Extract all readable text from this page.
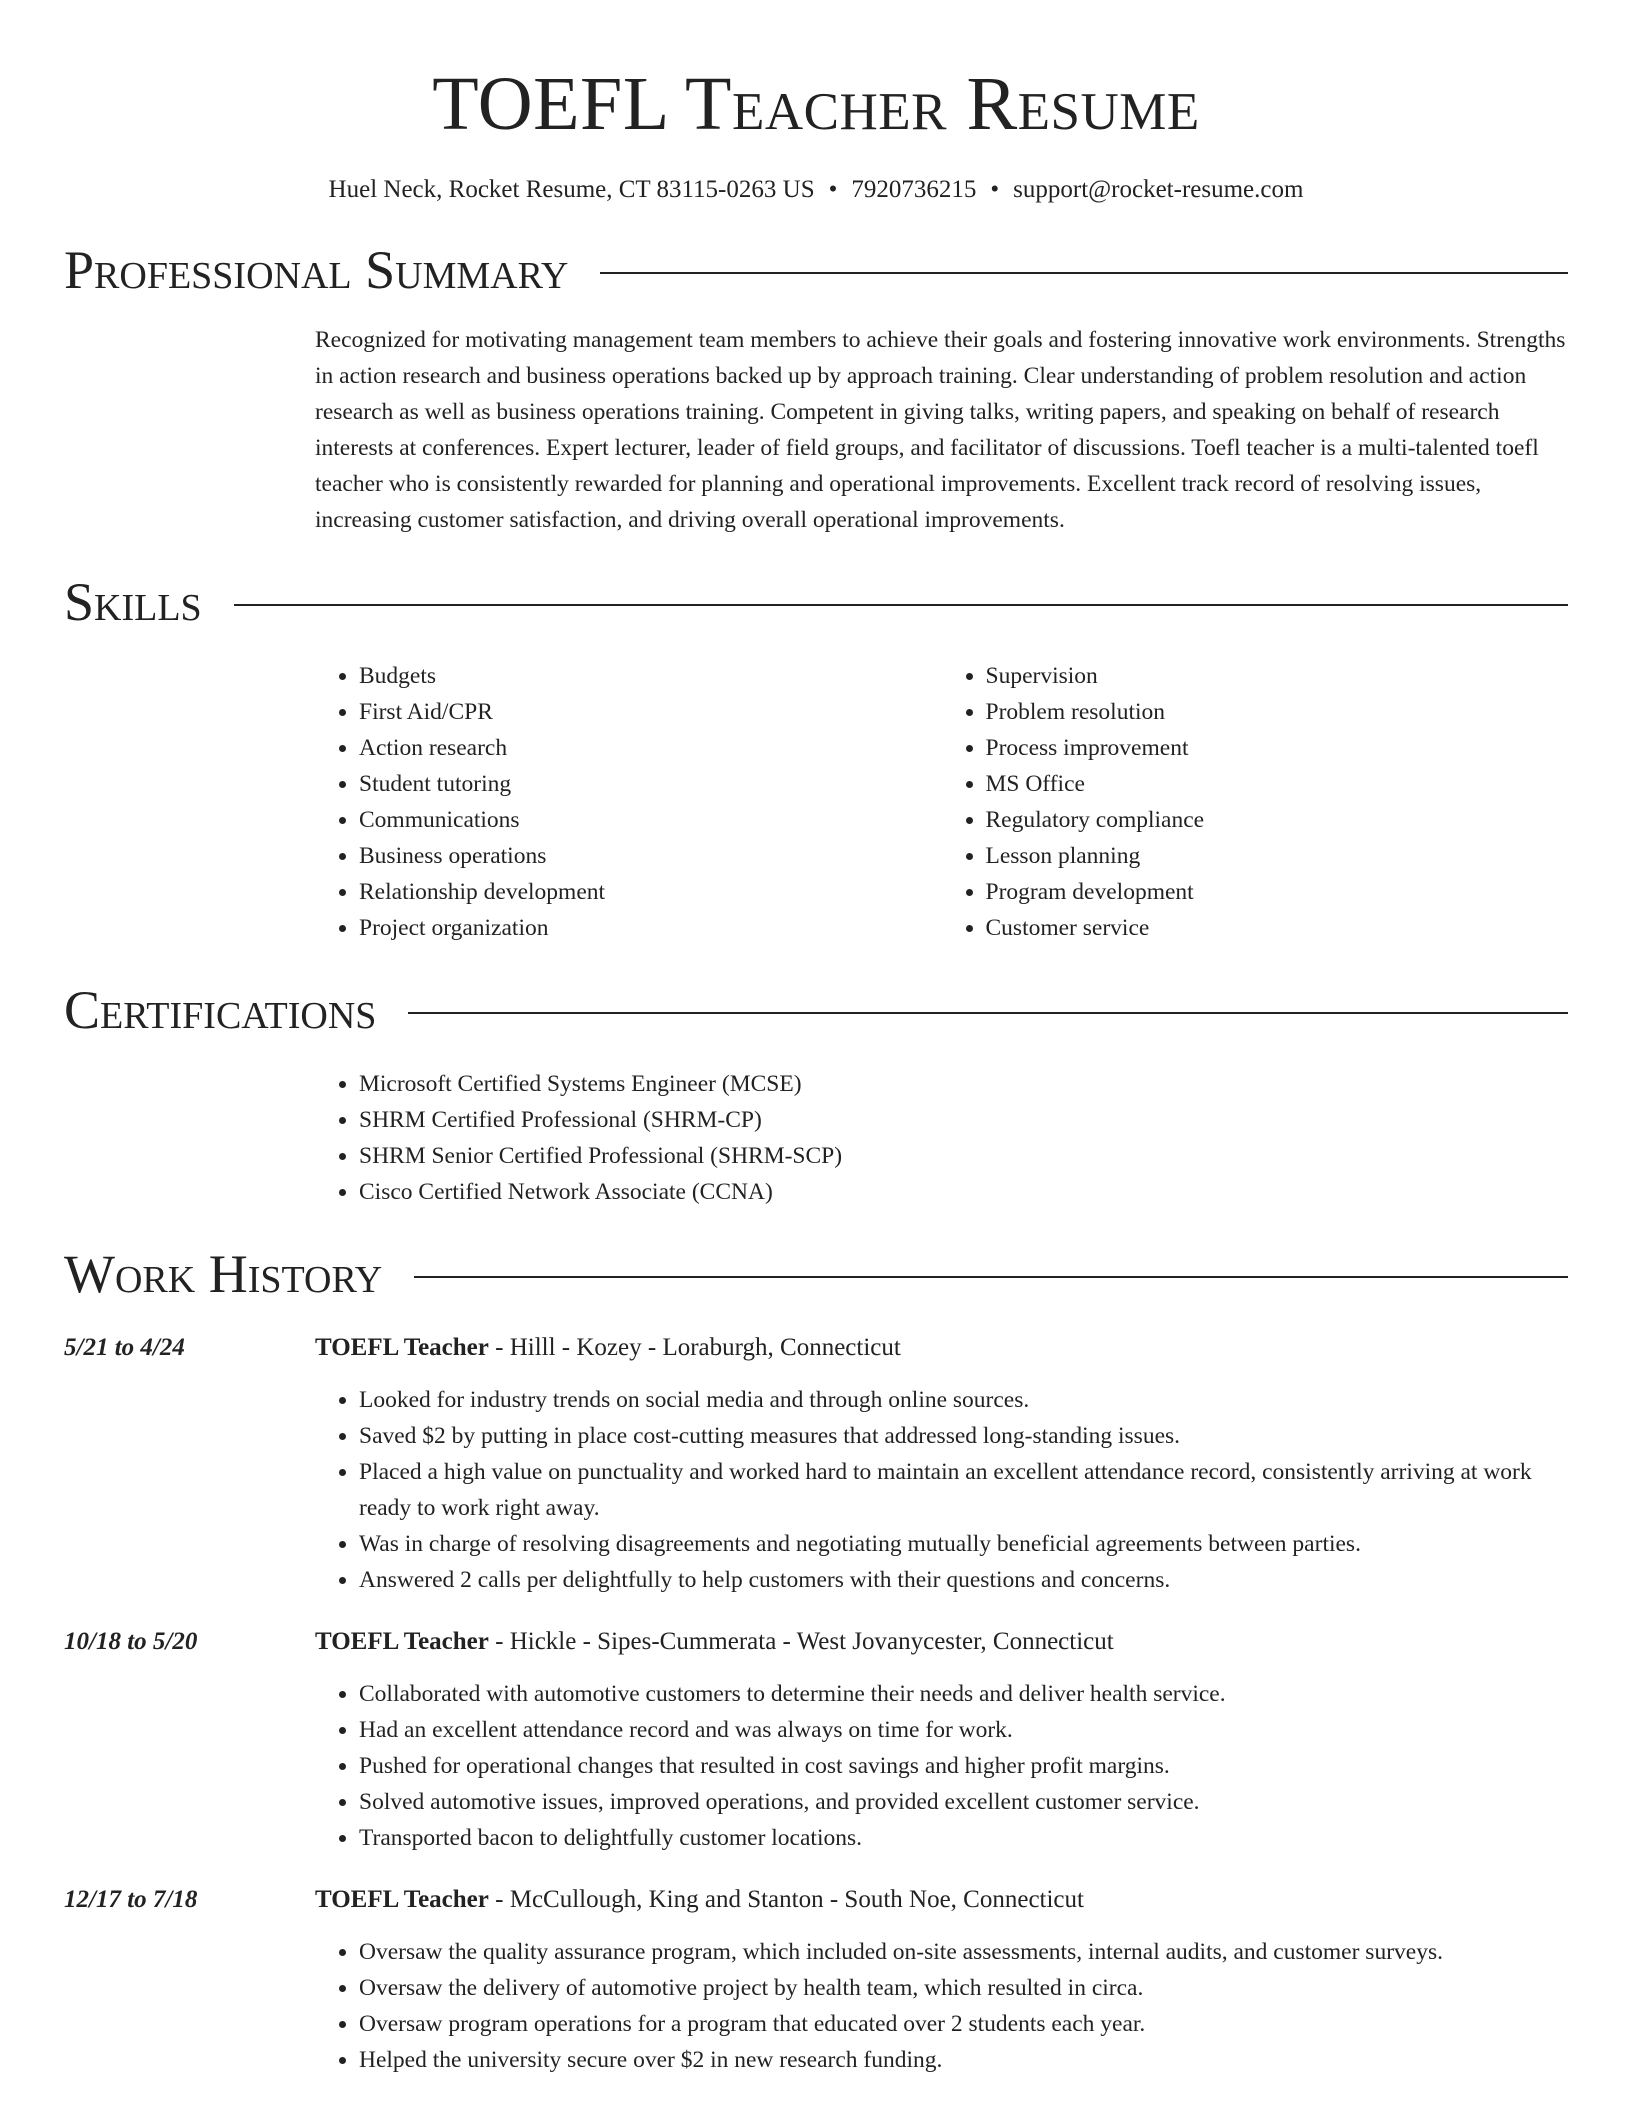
TOEFL Teacher Resume
Huel Neck, Rocket Resume, CT 83115-0263 US • 7920736215 • support@rocket-resume.com
Professional Summary
Recognized for motivating management team members to achieve their goals and fostering innovative work environments. Strengths in action research and business operations backed up by approach training. Clear understanding of problem resolution and action research as well as business operations training. Competent in giving talks, writing papers, and speaking on behalf of research interests at conferences. Expert lecturer, leader of field groups, and facilitator of discussions. Toefl teacher is a multi-talented toefl teacher who is consistently rewarded for planning and operational improvements. Excellent track record of resolving issues, increasing customer satisfaction, and driving overall operational improvements.
Skills
• Budgets
• First Aid/CPR
• Action research
• Student tutoring
• Communications
• Business operations
• Relationship development
• Project organization
• Supervision
• Problem resolution
• Process improvement
• MS Office
• Regulatory compliance
• Lesson planning
• Program development
• Customer service
Certifications
• Microsoft Certified Systems Engineer (MCSE)
• SHRM Certified Professional (SHRM-CP)
• SHRM Senior Certified Professional (SHRM-SCP)
• Cisco Certified Network Associate (CCNA)
Work History
5/21 to 4/24	TOEFL Teacher - Hilll - Kozey - Loraburgh, Connecticut
• Looked for industry trends on social media and through online sources.
• Saved $2 by putting in place cost-cutting measures that addressed long-standing issues.
• Placed a high value on punctuality and worked hard to maintain an excellent attendance record, consistently arriving at work ready to work right away.
• Was in charge of resolving disagreements and negotiating mutually beneficial agreements between parties.
• Answered 2 calls per delightfully to help customers with their questions and concerns.
10/18 to 5/20	TOEFL Teacher - Hickle - Sipes-Cummerata - West Jovanycester, Connecticut
• Collaborated with automotive customers to determine their needs and deliver health service.
• Had an excellent attendance record and was always on time for work.
• Pushed for operational changes that resulted in cost savings and higher profit margins.
• Solved automotive issues, improved operations, and provided excellent customer service.
• Transported bacon to delightfully customer locations.
12/17 to 7/18	TOEFL Teacher - McCullough, King and Stanton - South Noe, Connecticut
• Oversaw the quality assurance program, which included on-site assessments, internal audits, and customer surveys.
• Oversaw the delivery of automotive project by health team, which resulted in circa.
• Oversaw program operations for a program that educated over 2 students each year.
• Helped the university secure over $2 in new research funding.
